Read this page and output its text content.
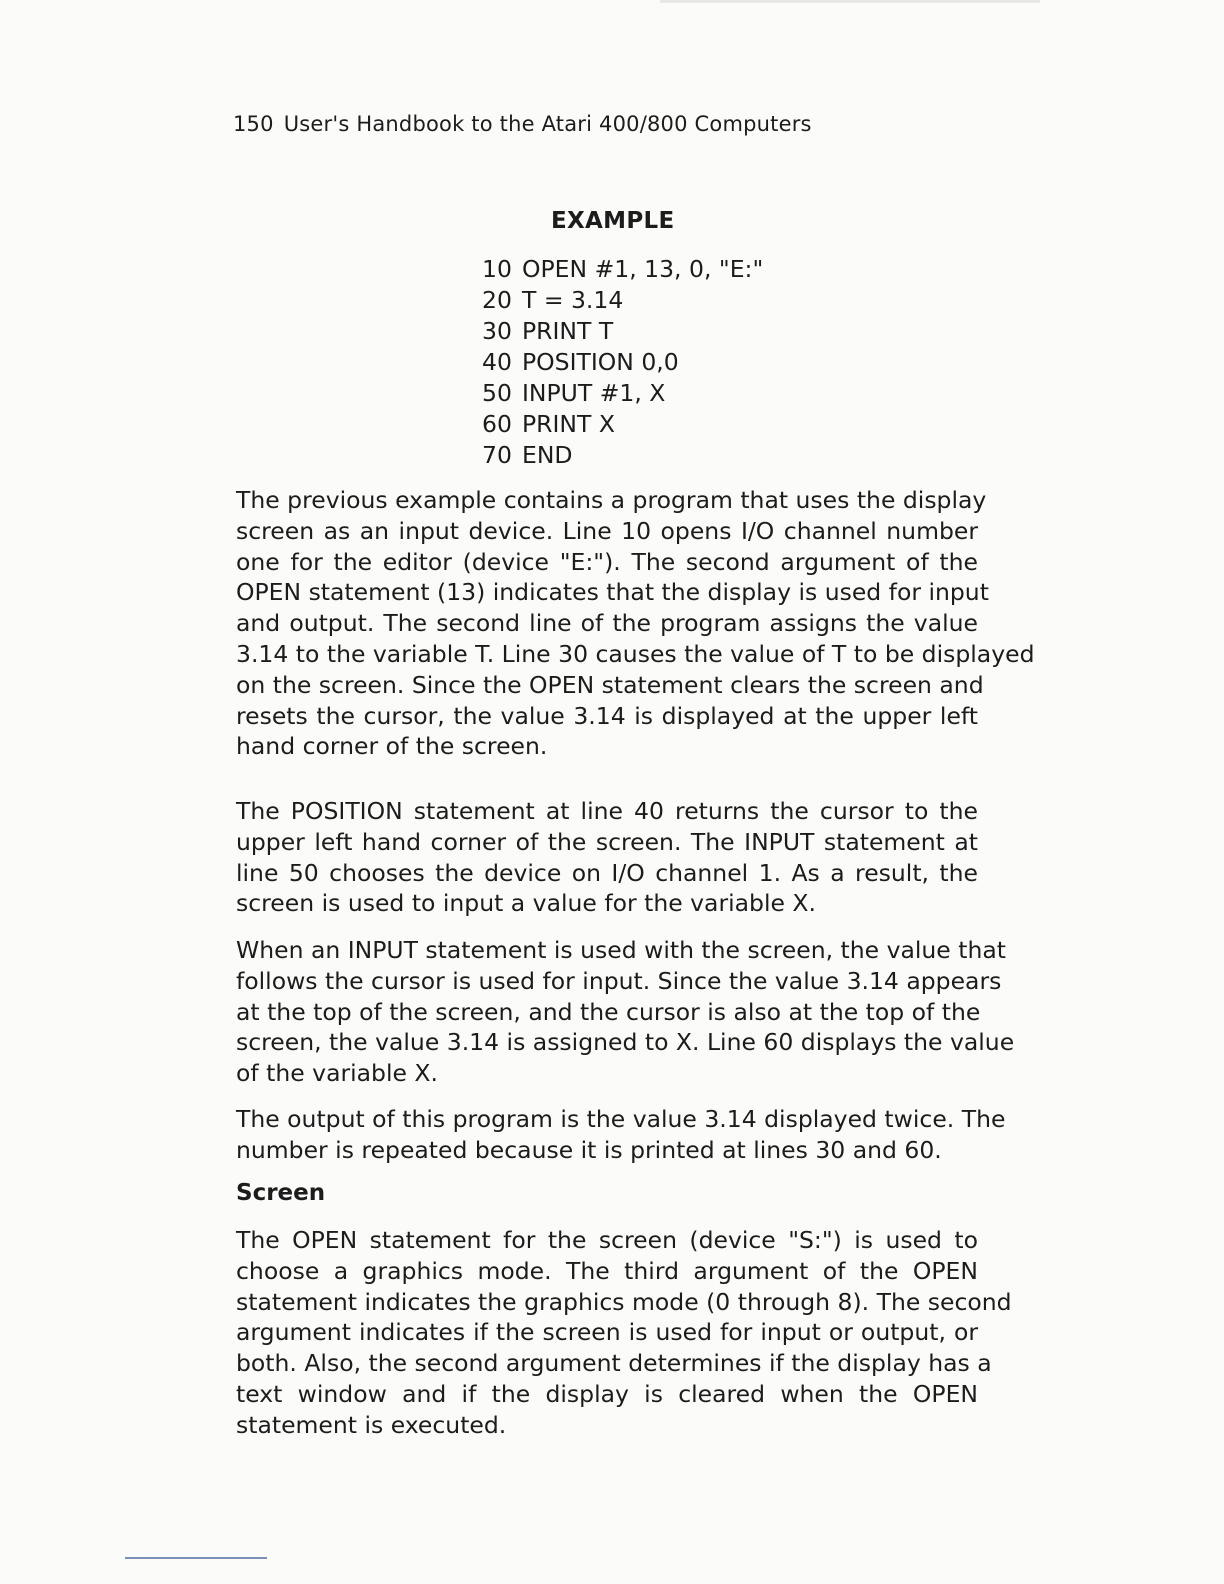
150 User's Handbook to the Atari 400/800 Computers
EXAMPLE
10 OPEN #1, 13, 0, "E:"
20 T = 3.14
30 PRINT T
40 POSITION 0,0
50 INPUT #1, X
60 PRINT X
70 END
The previous example contains a program that uses the display
screen as an input device. Line 10 opens I/O channel number
one for the editor (device "E:"). The second argument of the
OPEN statement (13) indicates that the display is used for input
and output. The second line of the program assigns the value
3.14 to the variable T. Line 30 causes the value of T to be displayed
on the screen. Since the OPEN statement clears the screen and
resets the cursor, the value 3.14 is displayed at the upper left
hand corner of the screen.
The POSITION statement at line 40 returns the cursor to the
upper left hand corner of the screen. The INPUT statement at
line 50 chooses the device on I/O channel 1. As a result, the
screen is used to input a value for the variable X.
When an INPUT statement is used with the screen, the value that
follows the cursor is used for input. Since the value 3.14 appears
at the top of the screen, and the cursor is also at the top of the
screen, the value 3.14 is assigned to X. Line 60 displays the value
of the variable X.
The output of this program is the value 3.14 displayed twice. The
number is repeated because it is printed at lines 30 and 60.
Screen
The OPEN statement for the screen (device "S:") is used to
choose a graphics mode. The third argument of the OPEN
statement indicates the graphics mode (0 through 8). The second
argument indicates if the screen is used for input or output, or
both. Also, the second argument determines if the display has a
text window and if the display is cleared when the OPEN
statement is executed.
